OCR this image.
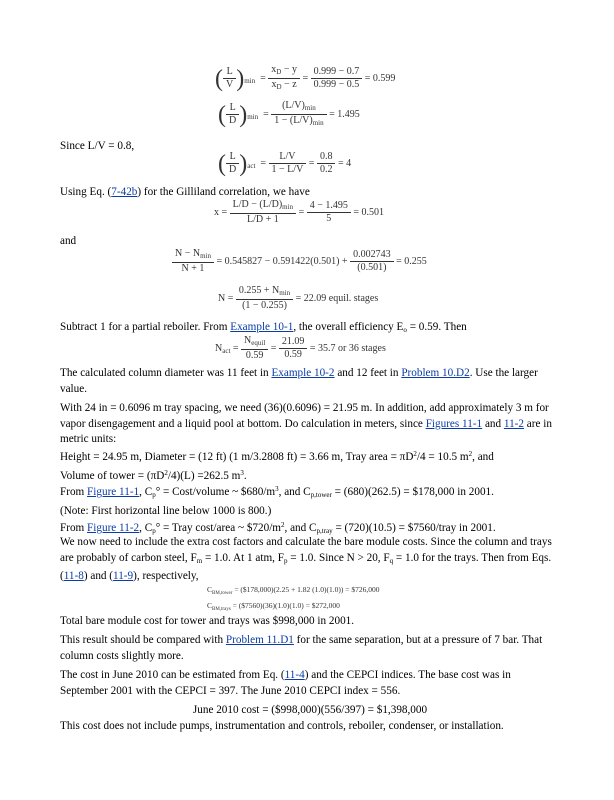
( $\frac{L}{V} )_{min} = \frac{x_D - y}{x_D - z} = \frac{0.999 - 0.7}{0.999 - 0.5} = 0.599$
( $\frac{L}{D} )_{min} = \frac{(L/V)_{min}}{1 - (L/V)_{min}} = 1.495$
Since L/V = 0.8,
( $\frac{L}{D} )_{act} = \frac{L/V}{1 - L/V} = \frac{0.8}{0.2} = 4$
Using Eq. (7-42b) for the Gilliland correlation, we have
$x = \frac{L/D - (L/D)_{min}}{L/D + 1} = \frac{4 - 1.495}{5} = 0.501$
and
$\frac{N - N_{min}}{N + 1} = 0.545827 - 0.591422(0.501) + \frac{0.002743}{(0.501)} = 0.255$
$N = \frac{0.255 + N_{min}}{(1 - 0.255)} = 22.09$ equil. stages
Subtract 1 for a partial reboiler. From Example 10-1, the overall efficiency $E_o = 0.59$. Then
$N_{act} = \frac{N_{equil}}{0.59} = \frac{21.09}{0.59} = 35.7$ or 36 stages
The calculated column diameter was 11 feet in Example 10-2 and 12 feet in Problem 10.D2. Use the larger value.
With 24 in = 0.6096 m tray spacing, we need (36)(0.6096) = 21.95 m. In addition, add approximately 3 m for vapor disengagement and a liquid pool at bottom. Do calculation in meters, since Figures 11-1 and 11-2 are in metric units:
Height = 24.95 m, Diameter = (12 ft) (1 m/3.2808 ft) = 3.66 m, Tray area = $\pi D^2/4 = 10.5$ $m^2$, and
Volume of tower = $(\pi D^2/4)(L) =262.5$ $m^3$.
From Figure 11-1, $C_p^\circ$ = Cost/volume ~ $\$680/m^3$, and $C_{p,tower} = (680)(262.5)$ = $178,000 in 2001.
(Note: First horizontal line below 1000 is 800.)
From Figure 11-2, $C_p^\circ$ = Tray cost/area ~ $\$720/m^2$, and $C_{p,tray} = (720)(10.5)$ = $7560/tray in 2001.
We now need to include the extra cost factors and calculate the bare module costs. Since the column and trays are probably of carbon steel, $F_m = 1.0$. At 1 atm, $F_p = 1.0$. Since N > 20, $F_q = 1.0$ for the trays. Then from Eqs. (11-8) and (11-9), respectively,
$C_{BM,tower}$ = ($178,000)(2.25 + 1.82 (1.0)(1.0)) = $726,000
$C_{BM,trays}$ = ($7560)(36)(1.0)(1.0) = $272,000
Total bare module cost for tower and trays was $998,000 in 2001.
This result should be compared with Problem 11.D1 for the same separation, but at a pressure of 7 bar. That column costs slightly more.
The cost in June 2010 can be estimated from Eq. (11-4) and the CEPCI indices. The base cost was in September 2001 with the CEPCI = 397. The June 2010 CEPCI index = 556.
June 2010 cost = ($998,000)(556/397) = $1,398,000
This cost does not include pumps, instrumentation and controls, reboiler, condenser, or installation.
